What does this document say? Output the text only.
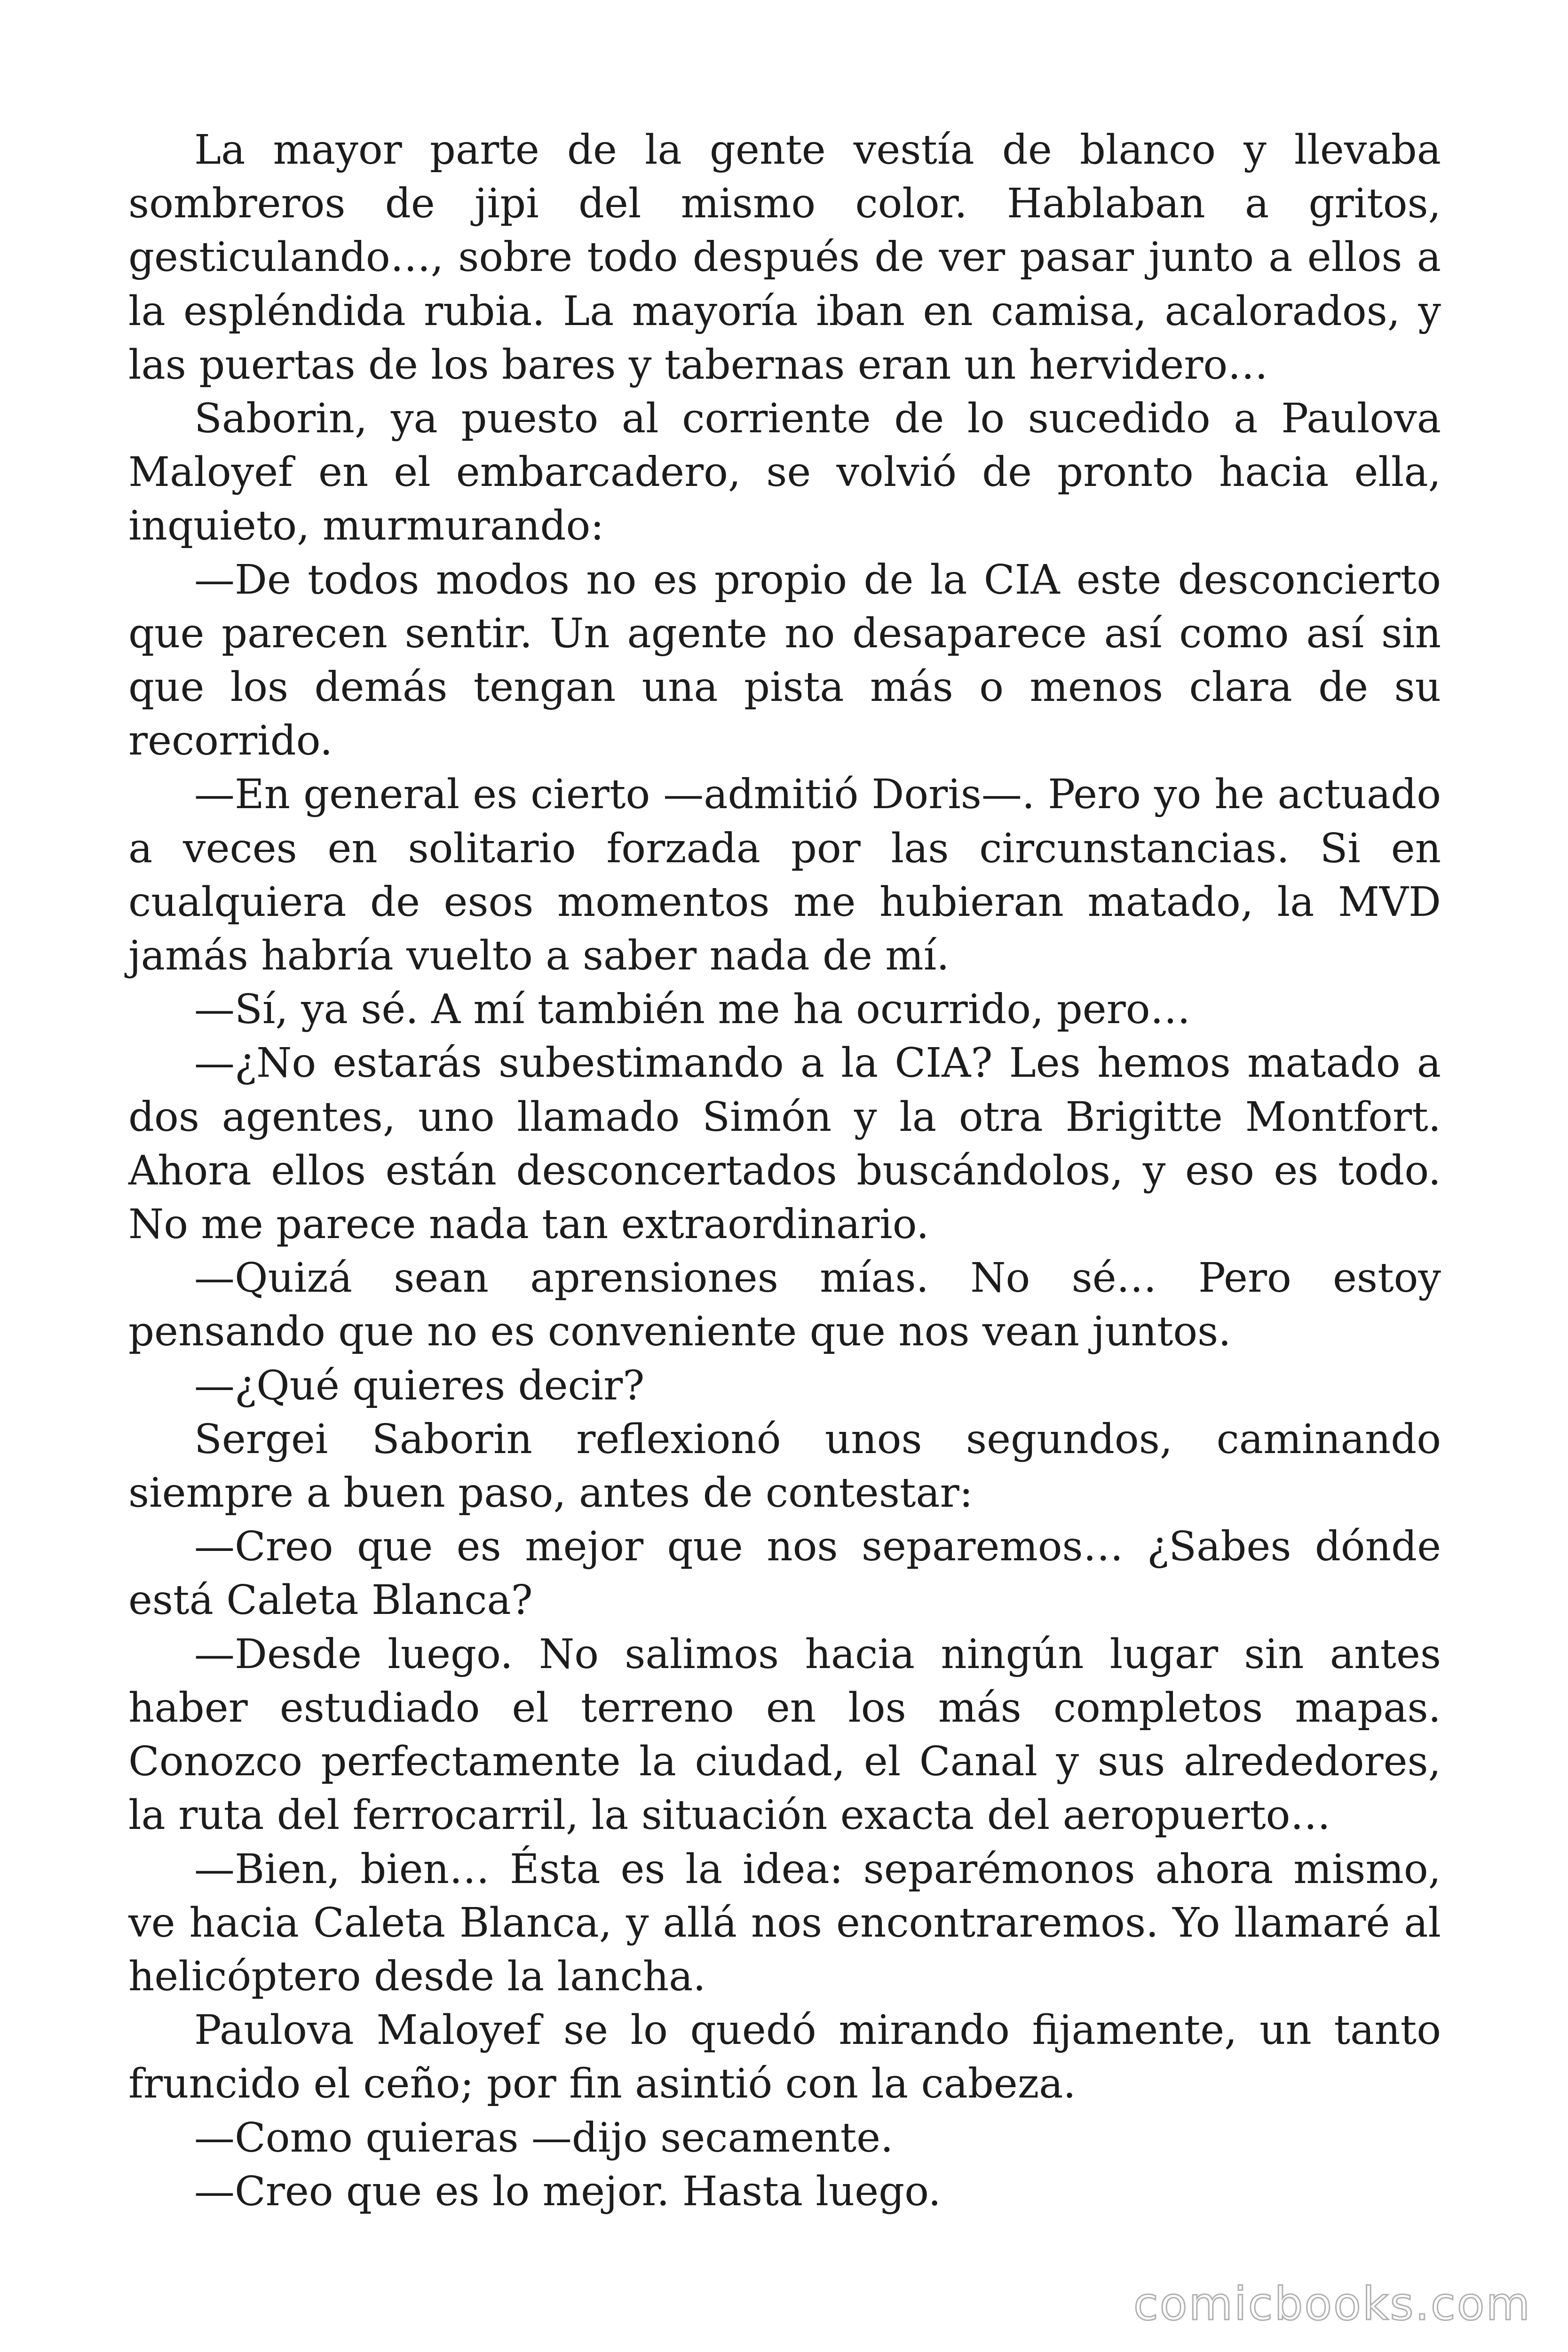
La mayor parte de la gente vestía de blanco y llevaba sombreros de jipi del mismo color. Hablaban a gritos, gesticulando…, sobre todo después de ver pasar junto a ellos a la espléndida rubia. La mayoría iban en camisa, acalorados, y las puertas de los bares y tabernas eran un hervidero…

Saborin, ya puesto al corriente de lo sucedido a Paulova Maloyef en el embarcadero, se volvió de pronto hacia ella, inquieto, murmurando:

—De todos modos no es propio de la CIA este desconcierto que parecen sentir. Un agente no desaparece así como así sin que los demás tengan una pista más o menos clara de su recorrido.

—En general es cierto —admitió Doris—. Pero yo he actuado a veces en solitario forzada por las circunstancias. Si en cualquiera de esos momentos me hubieran matado, la MVD jamás habría vuelto a saber nada de mí.

—Sí, ya sé. A mí también me ha ocurrido, pero…

—¿No estarás subestimando a la CIA? Les hemos matado a dos agentes, uno llamado Simón y la otra Brigitte Montfort. Ahora ellos están desconcertados buscándolos, y eso es todo. No me parece nada tan extraordinario.

—Quizá sean aprensiones mías. No sé… Pero estoy pensando que no es conveniente que nos vean juntos.

—¿Qué quieres decir?

Sergei Saborin reflexionó unos segundos, caminando siempre a buen paso, antes de contestar:

—Creo que es mejor que nos separemos… ¿Sabes dónde está Caleta Blanca?

—Desde luego. No salimos hacia ningún lugar sin antes haber estudiado el terreno en los más completos mapas. Conozco perfectamente la ciudad, el Canal y sus alrededores, la ruta del ferrocarril, la situación exacta del aeropuerto…

—Bien, bien… Ésta es la idea: separémonos ahora mismo, ve hacia Caleta Blanca, y allá nos encontraremos. Yo llamaré al helicóptero desde la lancha.

Paulova Maloyef se lo quedó mirando fijamente, un tanto fruncido el ceño; por fin asintió con la cabeza.

—Como quieras —dijo secamente.

—Creo que es lo mejor. Hasta luego.

comicbooks.com
